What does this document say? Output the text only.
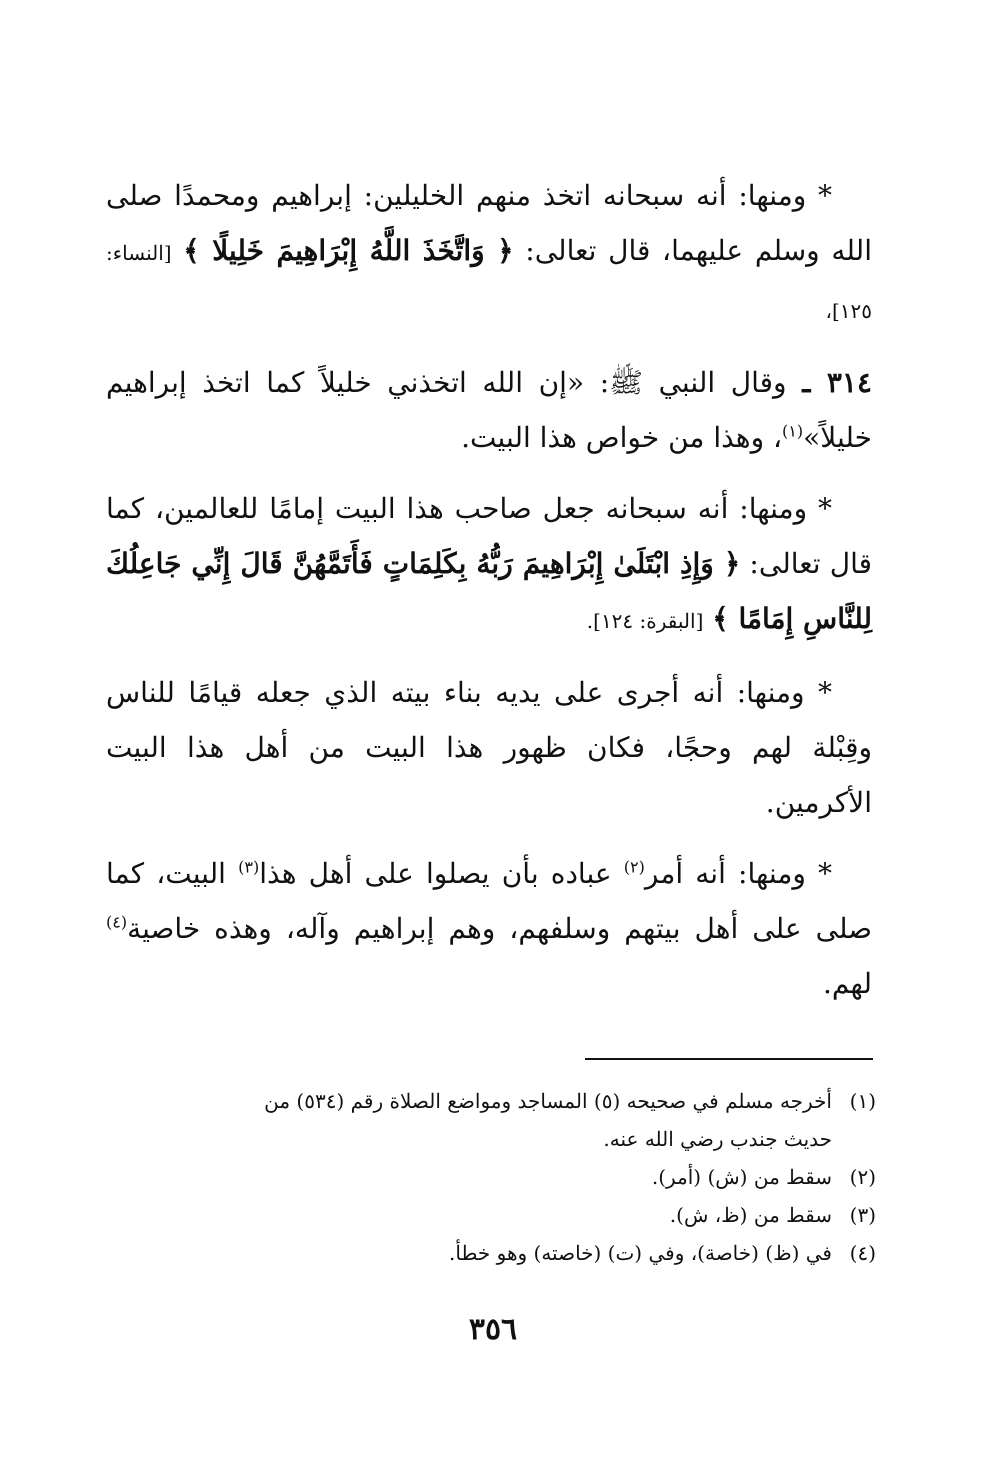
* ومنها: أنه سبحانه اتخذ منهم الخليلين: إبراهيم ومحمدًا صلى الله وسلم عليهما، قال تعالى: ﴿ وَاتَّخَذَ اللَّهُ إِبْرَاهِيمَ خَلِيلًا ﴾ [النساء: ١٢٥]،

٣١٤ ـ وقال النبي ﷺ: «إن الله اتخذني خليلاً كما اتخذ إبراهيم خليلاً»$^{(١)}$، وهذا من خواص هذا البيت.

* ومنها: أنه سبحانه جعل صاحب هذا البيت إمامًا للعالمين، كما قال تعالى: ﴿ وَإِذِ ابْتَلَىٰ إِبْرَاهِيمَ رَبُّهُ بِكَلِمَاتٍ فَأَتَمَّهُنَّ قَالَ إِنِّي جَاعِلُكَ لِلنَّاسِ إِمَامًا ﴾ [البقرة: ١٢٤].

* ومنها: أنه أجرى على يديه بناء بيته الذي جعله قيامًا للناس وقِبْلة لهم وحجًا، فكان ظهور هذا البيت من أهل هذا البيت الأكرمين.

* ومنها: أنه أمر$^{(٢)}$ عباده بأن يصلوا على أهل هذا$^{(٣)}$ البيت، كما صلى على أهل بيتهم وسلفهم، وهم إبراهيم وآله، وهذه خاصية$^{(٤)}$ لهم.

(١)أخرجه مسلم في صحيحه (٥) المساجد ومواضع الصلاة رقم (٥٣٤) من
حديث جندب رضي الله عنه.

(٢)سقط من (ش) (أمر).

(٣)سقط من (ظ، ش).

(٤)في (ظ) (خاصة)، وفي (ت) (خاصته) وهو خطأ.

٣٥٦
